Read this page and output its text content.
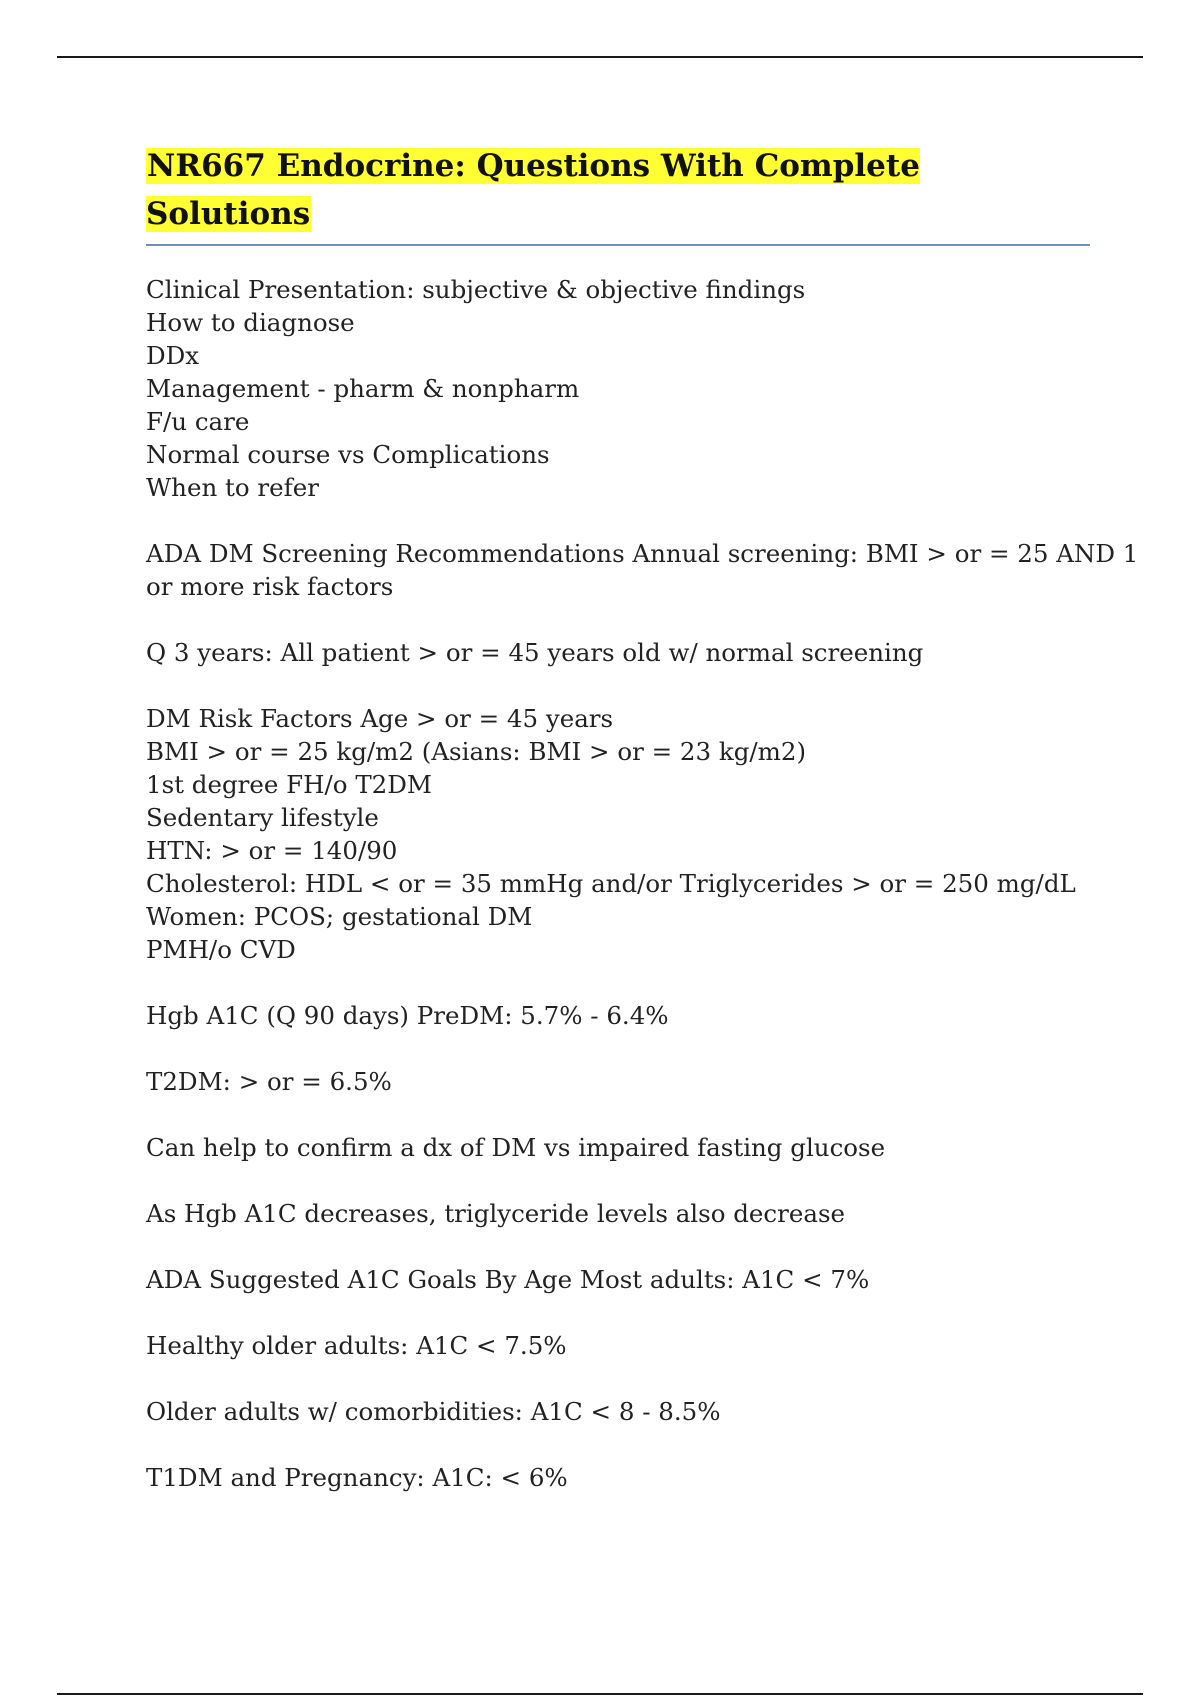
NR667 Endocrine: Questions With Complete Solutions
Clinical Presentation: subjective & objective findings
How to diagnose
DDx
Management - pharm & nonpharm
F/u care
Normal course vs Complications
When to refer
ADA DM Screening Recommendations Annual screening: BMI > or = 25 AND 1
or more risk factors
Q 3 years: All patient > or = 45 years old w/ normal screening
DM Risk Factors Age > or = 45 years
BMI > or = 25 kg/m2 (Asians: BMI > or = 23 kg/m2)
1st degree FH/o T2DM
Sedentary lifestyle
HTN: > or = 140/90
Cholesterol: HDL < or = 35 mmHg and/or Triglycerides > or = 250 mg/dL
Women: PCOS; gestational DM
PMH/o CVD
Hgb A1C (Q 90 days) PreDM: 5.7% - 6.4%
T2DM: > or = 6.5%
Can help to confirm a dx of DM vs impaired fasting glucose
As Hgb A1C decreases, triglyceride levels also decrease
ADA Suggested A1C Goals By Age Most adults: A1C < 7%
Healthy older adults: A1C < 7.5%
Older adults w/ comorbidities: A1C < 8 - 8.5%
T1DM and Pregnancy: A1C: < 6%
